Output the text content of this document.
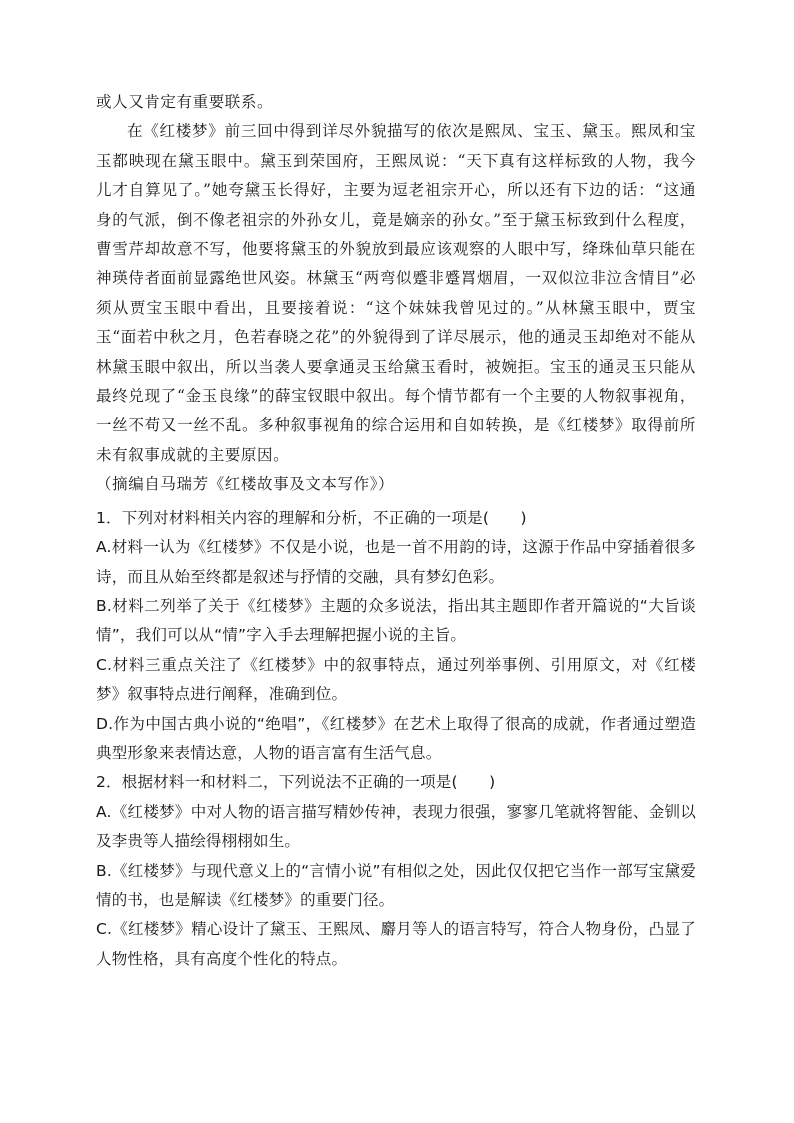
或人又肯定有重要联系。

在《红楼梦》前三回中得到详尽外貌描写的依次是熙凤、宝玉、黛玉。熙凤和宝玉都映现在黛玉眼中。黛玉到荣国府，王熙凤说：“天下真有这样标致的人物，我今儿才自算见了。”她夸黛玉长得好，主要为逗老祖宗开心，所以还有下边的话：“这通身的气派，倒不像老祖宗的外孙女儿，竟是嫡亲的孙女。”至于黛玉标致到什么程度，曹雪芹却故意不写，他要将黛玉的外貌放到最应该观察的人眼中写，绛珠仙草只能在神瑛侍者面前显露绝世风姿。林黛玉“两弯似蹙非蹙罥烟眉，一双似泣非泣含情目”必须从贾宝玉眼中看出，且要接着说：“这个妹妹我曾见过的。”从林黛玉眼中，贾宝玉“面若中秋之月，色若春晓之花”的外貌得到了详尽展示，他的通灵玉却绝对不能从林黛玉眼中叙出，所以当袭人要拿通灵玉给黛玉看时，被婉拒。宝玉的通灵玉只能从最终兑现了“金玉良缘”的薛宝钗眼中叙出。每个情节都有一个主要的人物叙事视角，一丝不苟又一丝不乱。多种叙事视角的综合运用和自如转换，是《红楼梦》取得前所未有叙事成就的主要原因。

（摘编自马瑞芳《红楼故事及文本写作》）

1．下列对材料相关内容的理解和分析，不正确的一项是(　　)

A.材料一认为《红楼梦》不仅是小说，也是一首不用韵的诗，这源于作品中穿插着很多诗，而且从始至终都是叙述与抒情的交融，具有梦幻色彩。

B.材料二列举了关于《红楼梦》主题的众多说法，指出其主题即作者开篇说的“大旨谈情”，我们可以从“情”字入手去理解把握小说的主旨。

C.材料三重点关注了《红楼梦》中的叙事特点，通过列举事例、引用原文，对《红楼梦》叙事特点进行阐释，准确到位。

D.作为中国古典小说的“绝唱”，《红楼梦》在艺术上取得了很高的成就，作者通过塑造典型形象来表情达意，人物的语言富有生活气息。

2．根据材料一和材料二，下列说法不正确的一项是(　　)

A.《红楼梦》中对人物的语言描写精妙传神，表现力很强，寥寥几笔就将智能、金钏以及李贵等人描绘得栩栩如生。

B.《红楼梦》与现代意义上的“言情小说”有相似之处，因此仅仅把它当作一部写宝黛爱情的书，也是解读《红楼梦》的重要门径。

C.《红楼梦》精心设计了黛玉、王熙凤、麝月等人的语言特写，符合人物身份，凸显了人物性格，具有高度个性化的特点。
